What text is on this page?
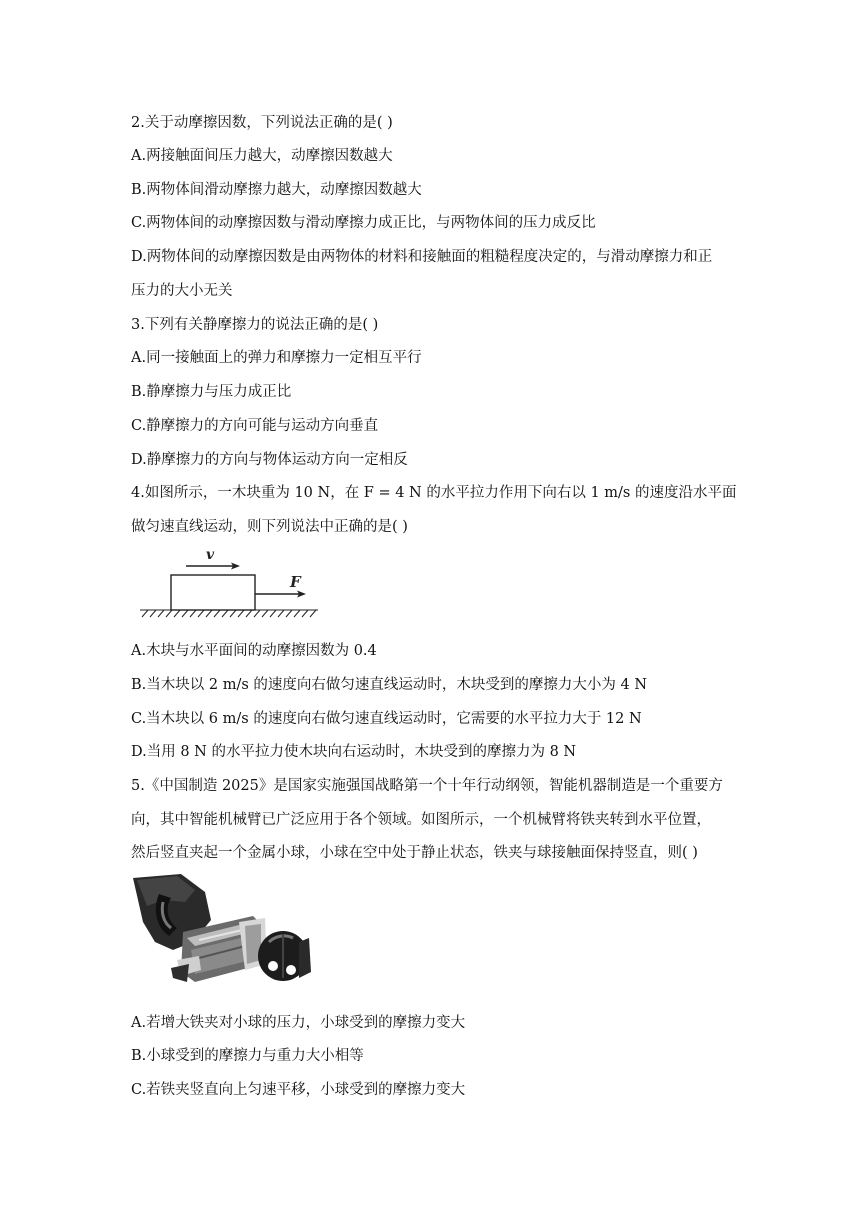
2.关于动摩擦因数，下列说法正确的是( )
A.两接触面间压力越大，动摩擦因数越大
B.两物体间滑动摩擦力越大，动摩擦因数越大
C.两物体间的动摩擦因数与滑动摩擦力成正比，与两物体间的压力成反比
D.两物体间的动摩擦因数是由两物体的材料和接触面的粗糙程度决定的，与滑动摩擦力和正
压力的大小无关
3.下列有关静摩擦力的说法正确的是( )
A.同一接触面上的弹力和摩擦力一定相互平行
B.静摩擦力与压力成正比
C.静摩擦力的方向可能与运动方向垂直
D.静摩擦力的方向与物体运动方向一定相反
4.如图所示，一木块重为 10 N，在 F = 4 N 的水平拉力作用下向右以 1 m/s 的速度沿水平面
做匀速直线运动，则下列说法中正确的是( )
v
F
A.木块与水平面间的动摩擦因数为 0.4
B.当木块以 2 m/s 的速度向右做匀速直线运动时，木块受到的摩擦力大小为 4 N
C.当木块以 6 m/s 的速度向右做匀速直线运动时，它需要的水平拉力大于 12 N
D.当用 8 N 的水平拉力使木块向右运动时，木块受到的摩擦力为 8 N
5.《中国制造 2025》是国家实施强国战略第一个十年行动纲领，智能机器制造是一个重要方
向，其中智能机械臂已广泛应用于各个领域。如图所示，一个机械臂将铁夹转到水平位置，
然后竖直夹起一个金属小球，小球在空中处于静止状态，铁夹与球接触面保持竖直，则( )
A.若增大铁夹对小球的压力，小球受到的摩擦力变大
B.小球受到的摩擦力与重力大小相等
C.若铁夹竖直向上匀速平移，小球受到的摩擦力变大
